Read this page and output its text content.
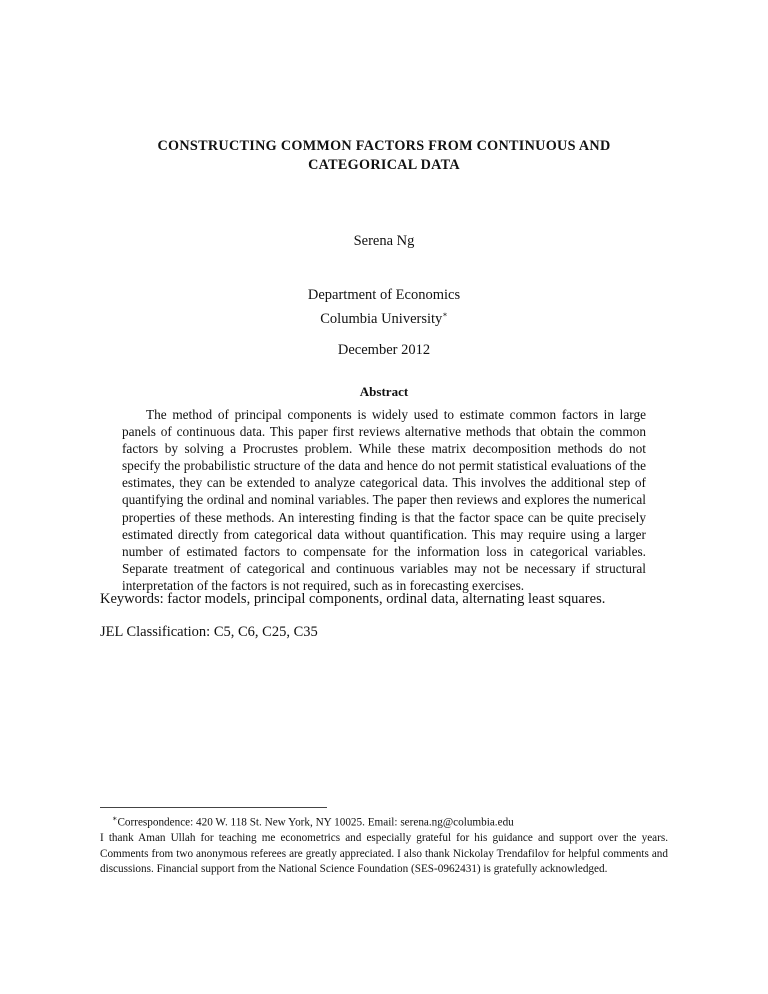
CONSTRUCTING COMMON FACTORS FROM CONTINUOUS AND
CATEGORICAL DATA
Serena Ng
Department of Economics
Columbia University∗
December 2012
Abstract
The method of principal components is widely used to estimate common factors in large panels of continuous data. This paper first reviews alternative methods that obtain the common factors by solving a Procrustes problem. While these matrix decomposition methods do not specify the probabilistic structure of the data and hence do not permit statistical evaluations of the estimates, they can be extended to analyze categorical data. This involves the additional step of quantifying the ordinal and nominal variables. The paper then reviews and explores the numerical properties of these methods. An interesting finding is that the factor space can be quite precisely estimated directly from categorical data without quantification. This may require using a larger number of estimated factors to compensate for the information loss in categorical variables. Separate treatment of categorical and continuous variables may not be necessary if structural interpretation of the factors is not required, such as in forecasting exercises.
Keywords: factor models, principal components, ordinal data, alternating least squares.
JEL Classification: C5, C6, C25, C35

∗Correspondence: 420 W. 118 St. New York, NY 10025. Email: serena.ng@columbia.edu

I thank Aman Ullah for teaching me econometrics and especially grateful for his guidance and support over the years. Comments from two anonymous referees are greatly appreciated. I also thank Nickolay Trendafilov for helpful comments and discussions. Financial support from the National Science Foundation (SES-0962431) is gratefully acknowledged.
